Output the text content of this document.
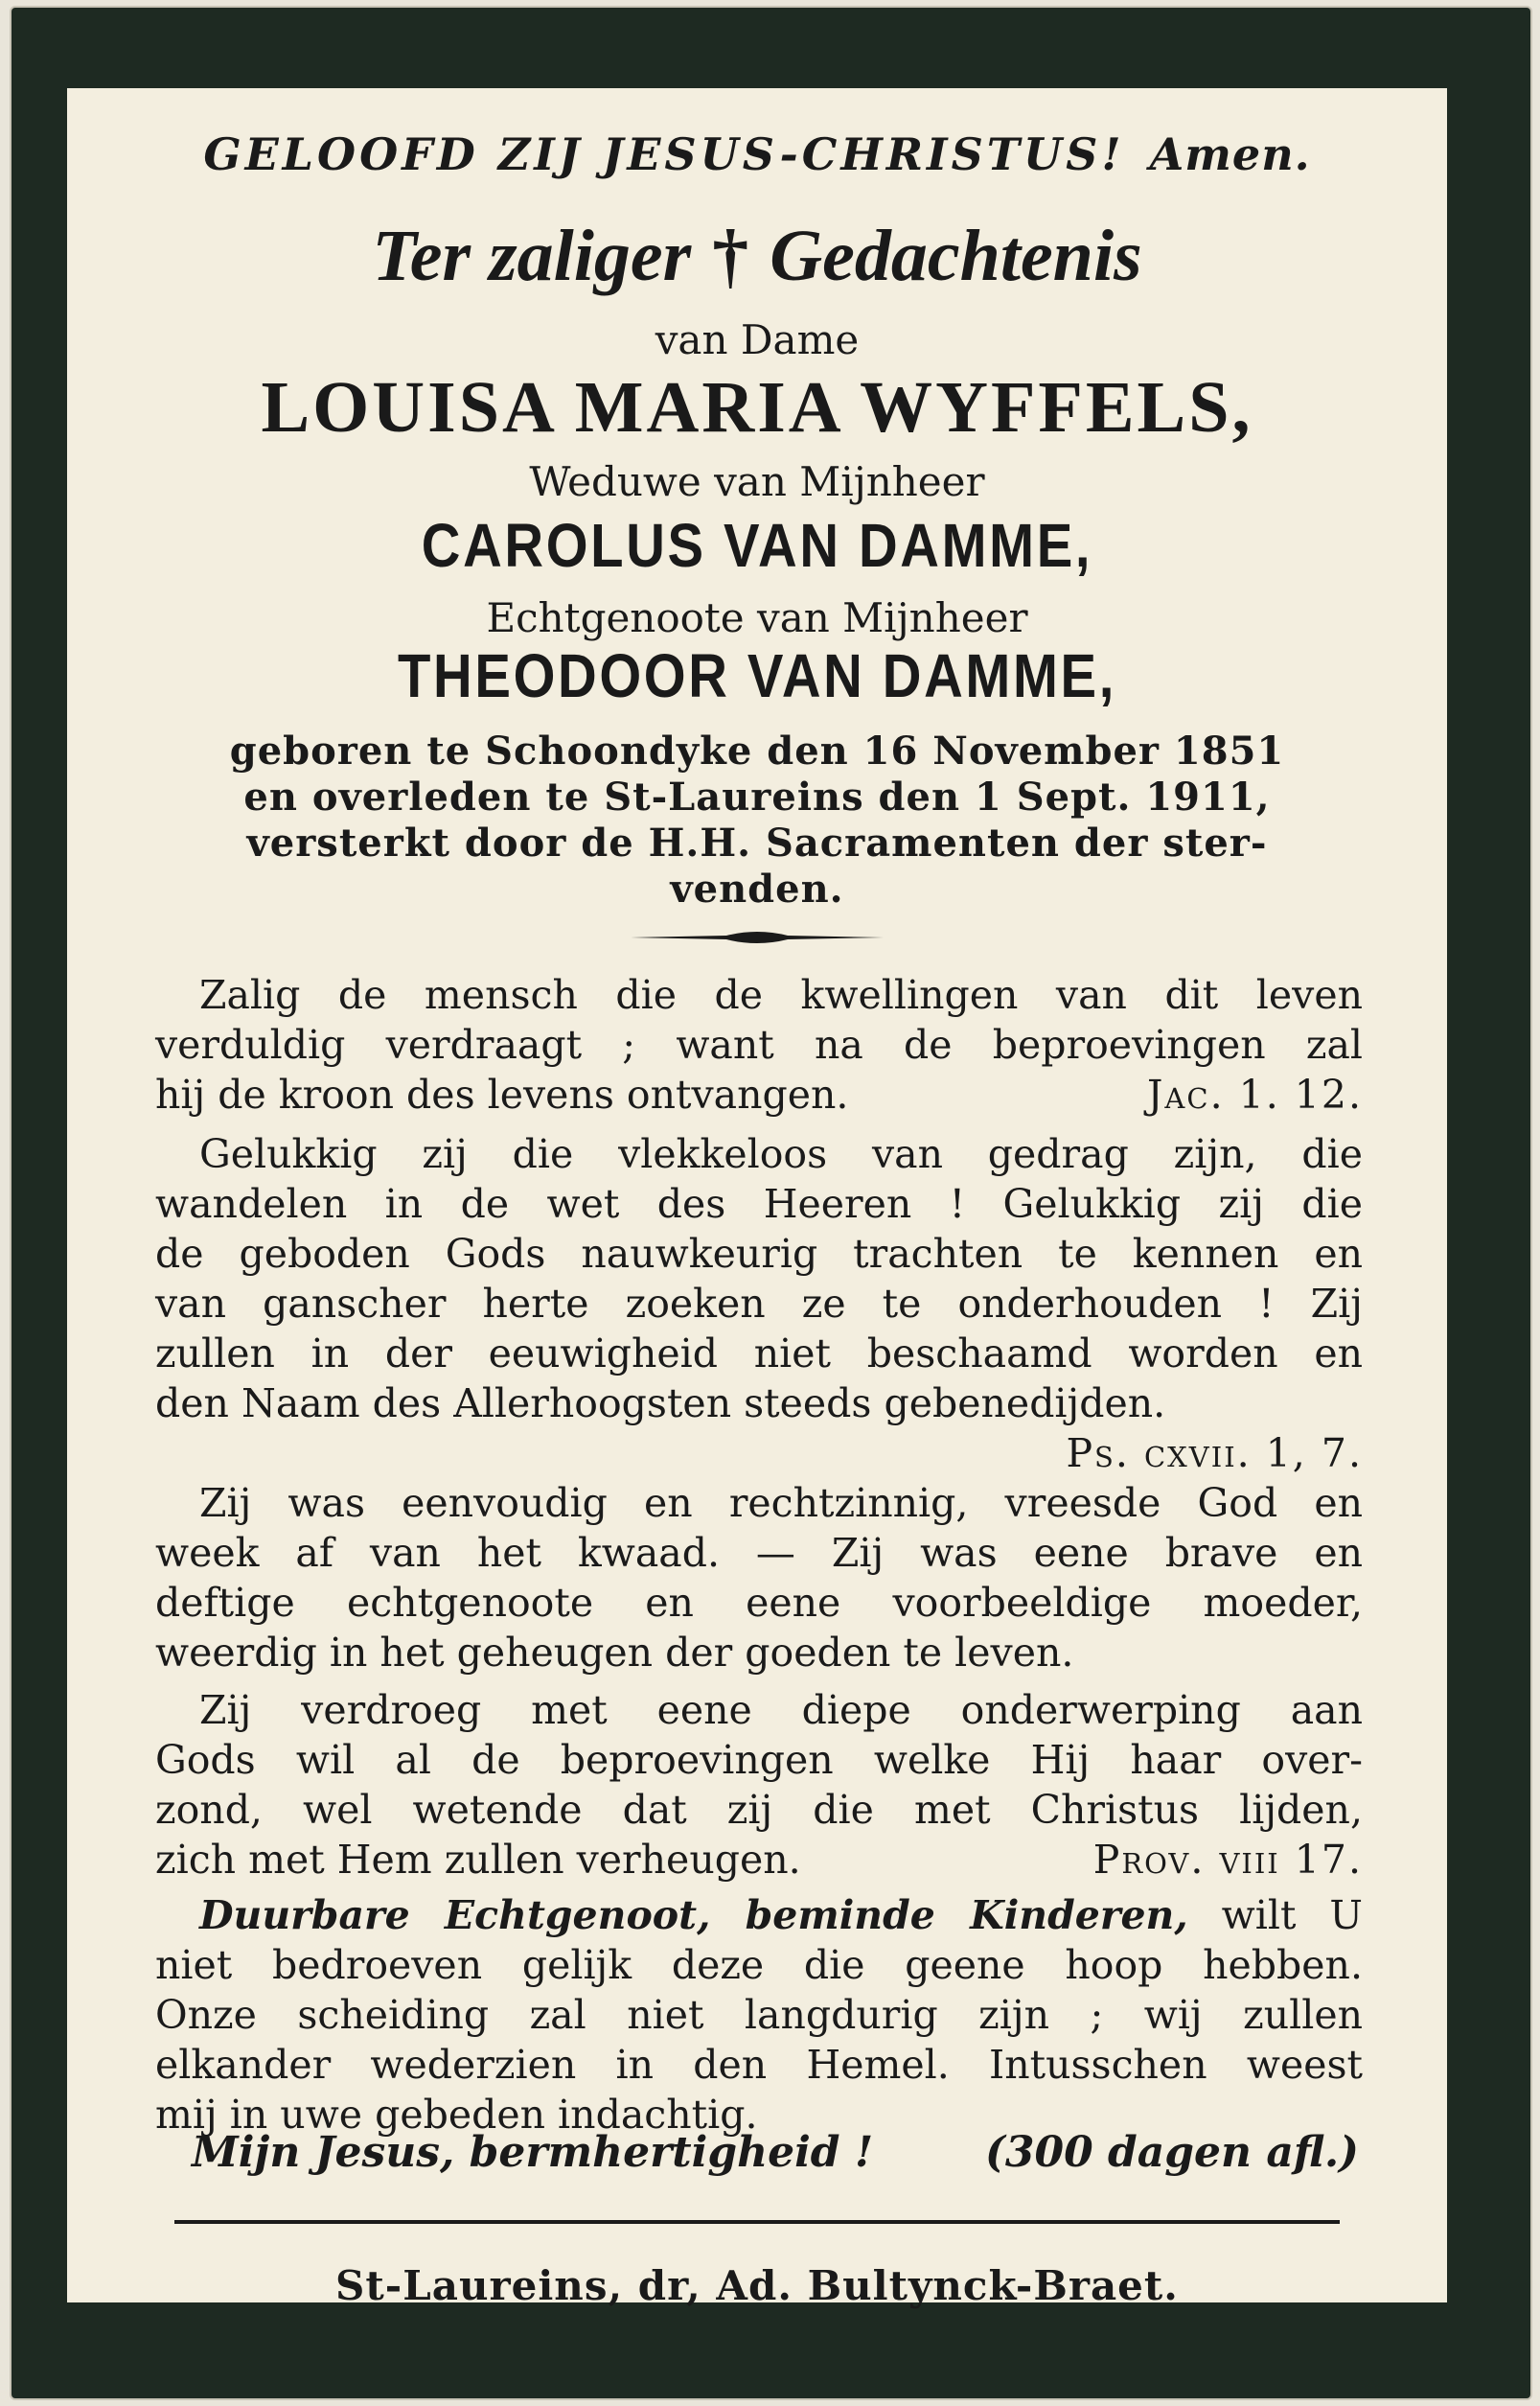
GELOOFD ZIJ JESUS-CHRISTUS! Amen.
Ter zaliger † Gedachtenis
van Dame
LOUISA MARIA WYFFELS,
Weduwe van Mijnheer
CAROLUS VAN DAMME,
Echtgenoote van Mijnheer
THEODOOR VAN DAMME,
geboren te Schoondyke den 16 November 1851
en overleden te St-Laureins den 1 Sept. 1911,
versterkt door de H.H. Sacramenten der ster-
venden.
Zalig de mensch die de kwellingen van dit leven
verduldig verdraagt ; want na de beproevingen zal
hij de kroon des levens ontvangen.	Jac. 1. 12.
Gelukkig zij die vlekkeloos van gedrag zijn, die
wandelen in de wet des Heeren ! Gelukkig zij die
de geboden Gods nauwkeurig trachten te kennen en
van ganscher herte zoeken ze te onderhouden ! Zij
zullen in der eeuwigheid niet beschaamd worden en
den Naam des Allerhoogsten steeds gebenedijden.
Ps. cxvii. 1, 7.
Zij was eenvoudig en rechtzinnig, vreesde God en
week af van het kwaad. — Zij was eene brave en
deftige echtgenoote en eene voorbeeldige moeder,
weerdig in het geheugen der goeden te leven.
Zij verdroeg met eene diepe onderwerping aan
Gods wil al de beproevingen welke Hij haar over-
zond, wel wetende dat zij die met Christus lijden,
zich met Hem zullen verheugen.	Prov. viii 17.
Duurbare Echtgenoot, beminde Kinderen, wilt U
niet bedroeven gelijk deze die geene hoop hebben.
Onze scheiding zal niet langdurig zijn ; wij zullen
elkander wederzien in den Hemel. Intusschen weest
mij in uwe gebeden indachtig.
Mijn Jesus, bermhertigheid !	(300 dagen afl.)
St-Laureins, dr, Ad. Bultynck-Braet.
